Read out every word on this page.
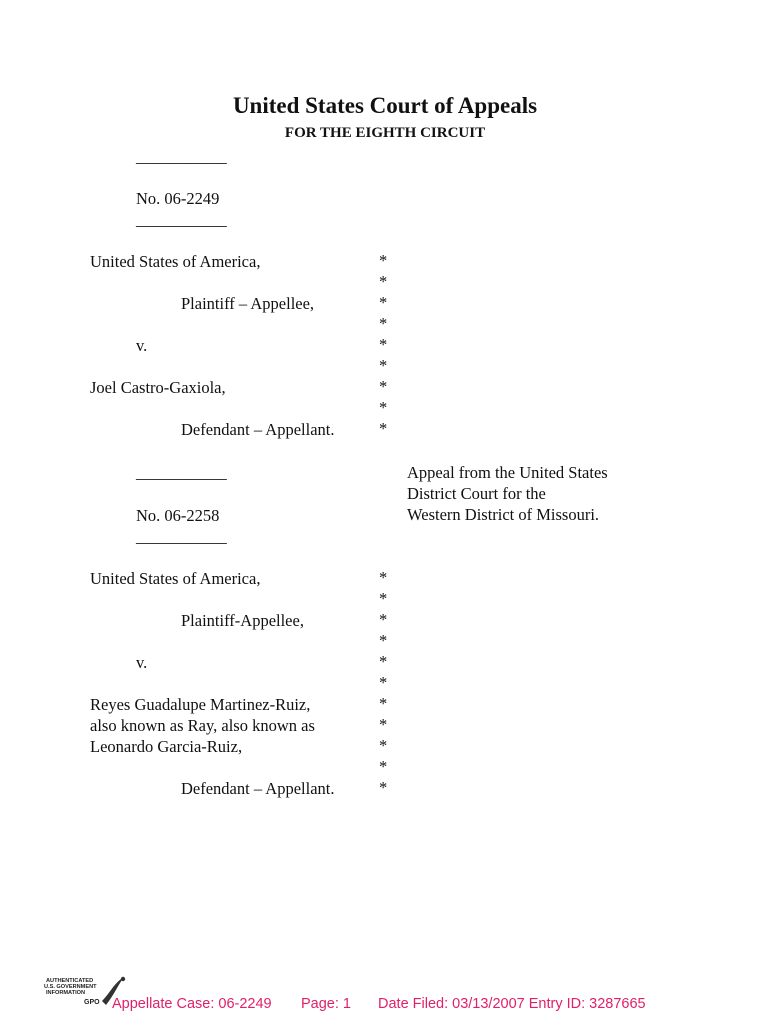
United States Court of Appeals
FOR THE EIGHTH CIRCUIT
___________
No. 06-2249
___________
United States of America,
Plaintiff – Appellee,
v.
Joel Castro-Gaxiola,
Defendant – Appellant.
*
*
*
*
*
*
*
*
*
Appeal from the United States
District Court for the
Western District of Missouri.
___________
No. 06-2258
___________
United States of America,
Plaintiff-Appellee,
v.
Reyes Guadalupe Martinez-Ruiz,
also known as Ray, also known as
Leonardo Garcia-Ruiz,
Defendant – Appellant.
*
*
*
*
*
*
*
*
*
*
*
AUTHENTICATED
U.S. GOVERNMENT
INFORMATION
GPO Appellate Case: 06-2249 Page: 1 Date Filed: 03/13/2007 Entry ID: 3287665
